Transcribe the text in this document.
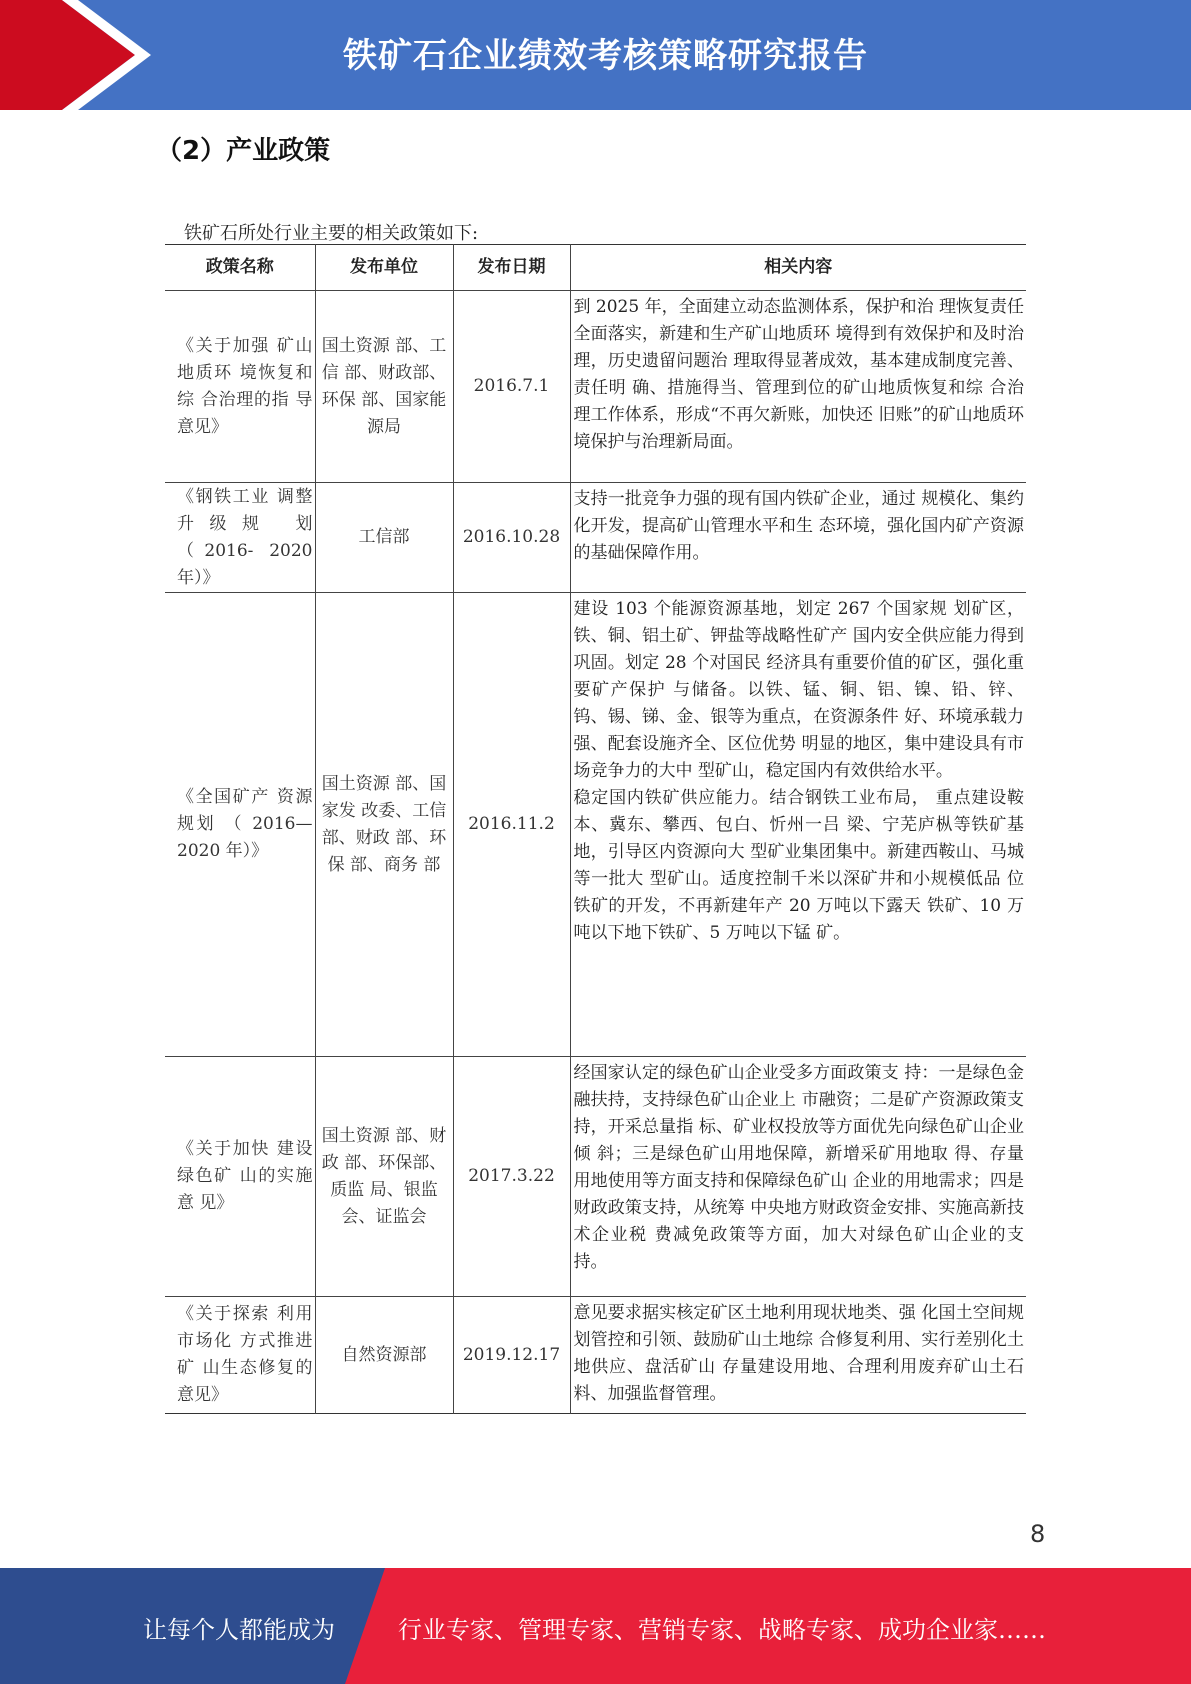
铁矿石企业绩效考核策略研究报告
（2）产业政策
铁矿石所处行业主要的相关政策如下:
政策名称	发布单位	发布日期	相关内容
《关于加强 矿山地质环 境恢复和综 合治理的指 导意见》	国土资源 部、工信 部、财政部、环保 部、国家能 源局	2016.7.1	到 2025 年，全面建立动态监测体系，保护和治 理恢复责任全面落实，新建和生产矿山地质环 境得到有效保护和及时治理，历史遗留问题治 理取得显著成效，基本建成制度完善、责任明 确、措施得当、管理到位的矿山地质恢复和综 合治理工作体系，形成“不再欠新账，加快还 旧账”的矿山地质环境保护与治理新局面。
《钢铁工业 调整升级规 划（2016- 2020年）》	工信部	2016.10.28	支持一批竞争力强的现有国内铁矿企业，通过 规模化、集约化开发，提高矿山管理水平和生 态环境，强化国内矿产资源的基础保障作用。
《全国矿产 资源规划 （ 2016— 2020 年）》	国土资源 部、国家发 改委、工信 部、财政 部、环保 部、商务 部	2016.11.2	建设 103 个能源资源基地，划定 267 个国家规 划矿区，铁、铜、铝土矿、钾盐等战略性矿产 国内安全供应能力得到巩固。划定 28 个对国民 经济具有重要价值的矿区，强化重要矿产保护 与储备。以铁、锰、铜、铝、镍、铅、锌、 钨、锡、锑、金、银等为重点，在资源条件 好、环境承载力强、配套设施齐全、区位优势 明显的地区，集中建设具有市场竞争力的大中 型矿山，稳定国内有效供给水平。
稳定国内铁矿供应能力。结合钢铁工业布局， 重点建设鞍本、冀东、攀西、包白、忻州一吕 梁、宁芜庐枞等铁矿基地，引导区内资源向大 型矿业集团集中。新建西鞍山、马城等一批大 型矿山。适度控制千米以深矿井和小规模低品 位铁矿的开发，不再新建年产 20 万吨以下露天 铁矿、10 万吨以下地下铁矿、5 万吨以下锰 矿。

《关于加快 建设绿色矿 山的实施意 见》	国土资源 部、财政 部、环保部、质监 局、银监 会、证监会	2017.3.22	经国家认定的绿色矿山企业受多方面政策支 持：一是绿色金融扶持，支持绿色矿山企业上 市融资；二是矿产资源政策支持，开采总量指 标、矿业权投放等方面优先向绿色矿山企业倾 斜；三是绿色矿山用地保障，新增采矿用地取 得、存量用地使用等方面支持和保障绿色矿山 企业的用地需求；四是财政政策支持，从统筹 中央地方财政资金安排、实施高新技术企业税 费减免政策等方面，加大对绿色矿山企业的支 持。
《关于探索 利用市场化 方式推进矿 山生态修复的意见》	自然资源部	2019.12.17	意见要求据实核定矿区土地利用现状地类、强 化国土空间规划管控和引领、鼓励矿山土地综 合修复利用、实行差别化土地供应、盘活矿山 存量建设用地、合理利用废弃矿山土石料、加强监督管理。
8
让每个人都能成为	行业专家、管理专家、营销专家、战略专家、成功企业家……
